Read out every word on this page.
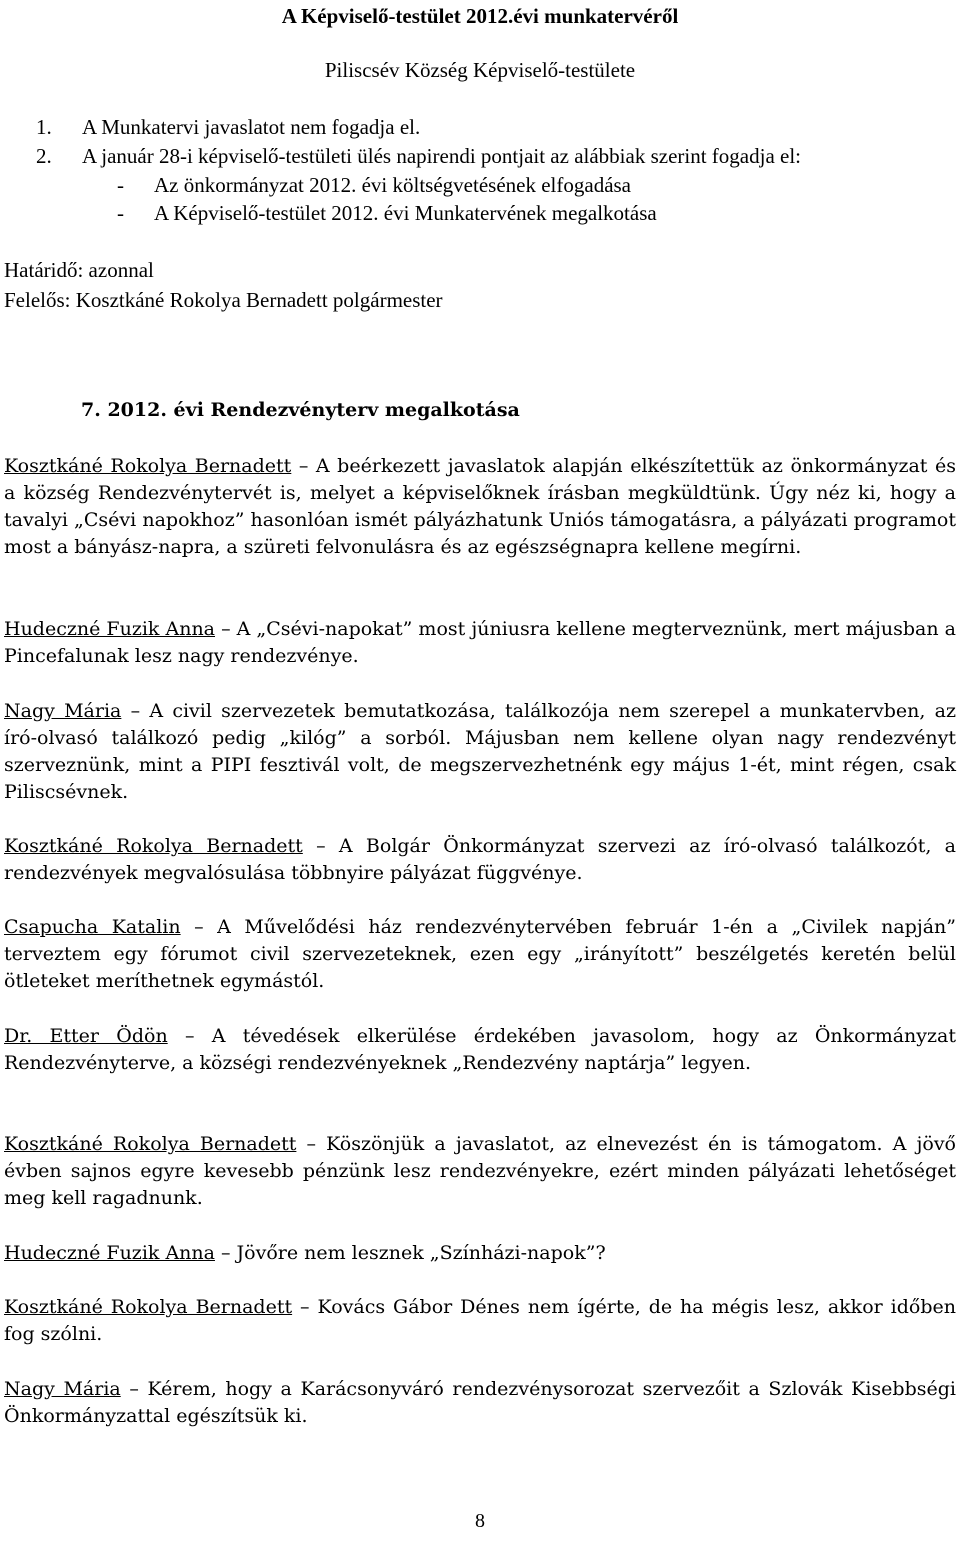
A Képviselő-testület 2012.évi munkatervéről
Piliscsév Község Képviselő-testülete
1. A Munkatervi javaslatot nem fogadja el.
2. A január 28-i képviselő-testületi ülés napirendi pontjait az alábbiak szerint fogadja el:
- Az önkormányzat 2012. évi költségvetésének elfogadása
- A Képviselő-testület 2012. évi Munkatervének megalkotása
Határidő: azonnal
Felelős: Kosztkáné Rokolya Bernadett polgármester
7. 2012. évi Rendezvényterv megalkotása
Kosztkáné Rokolya Bernadett – A beérkezett javaslatok alapján elkészítettük az önkormányzat és a község Rendezvénytervét is, melyet a képviselőknek írásban megküldtünk. Úgy néz ki, hogy a tavalyi „Csévi napokhoz” hasonlóan ismét pályázhatunk Uniós támogatásra, a pályázati programot most a bányász-napra, a szüreti felvonulásra és az egészségnapra kellene megírni.
Hudeczné Fuzik Anna – A „Csévi-napokat” most júniusra kellene megterveznünk, mert májusban a Pincefalunak lesz nagy rendezvénye.
Nagy Mária – A civil szervezetek bemutatkozása, találkozója nem szerepel a munkatervben, az író-olvasó találkozó pedig „kilóg” a sorból. Májusban nem kellene olyan nagy rendezvényt szerveznünk, mint a PIPI fesztivál volt, de megszervezhetnénk egy május 1-ét, mint régen, csak Piliscsévnek.
Kosztkáné Rokolya Bernadett – A Bolgár Önkormányzat szervezi az író-olvasó találkozót, a rendezvények megvalósulása többnyire pályázat függvénye.
Csapucha Katalin – A Művelődési ház rendezvénytervében február 1-én a „Civilek napján” terveztem egy fórumot civil szervezeteknek, ezen egy „irányított” beszélgetés keretén belül ötleteket meríthetnek egymástól.
Dr. Etter Ödön – A tévedések elkerülése érdekében javasolom, hogy az Önkormányzat Rendezvényterve, a községi rendezvényeknek „Rendezvény naptárja” legyen.
Kosztkáné Rokolya Bernadett – Köszönjük a javaslatot, az elnevezést én is támogatom. A jövő évben sajnos egyre kevesebb pénzünk lesz rendezvényekre, ezért minden pályázati lehetőséget meg kell ragadnunk.
Hudeczné Fuzik Anna – Jövőre nem lesznek „Színházi-napok”?
Kosztkáné Rokolya Bernadett – Kovács Gábor Dénes nem ígérte, de ha mégis lesz, akkor időben fog szólni.
Nagy Mária – Kérem, hogy a Karácsonyváró rendezvénysorozat szervezőit a Szlovák Kisebbségi Önkormányzattal egészítsük ki.
8
